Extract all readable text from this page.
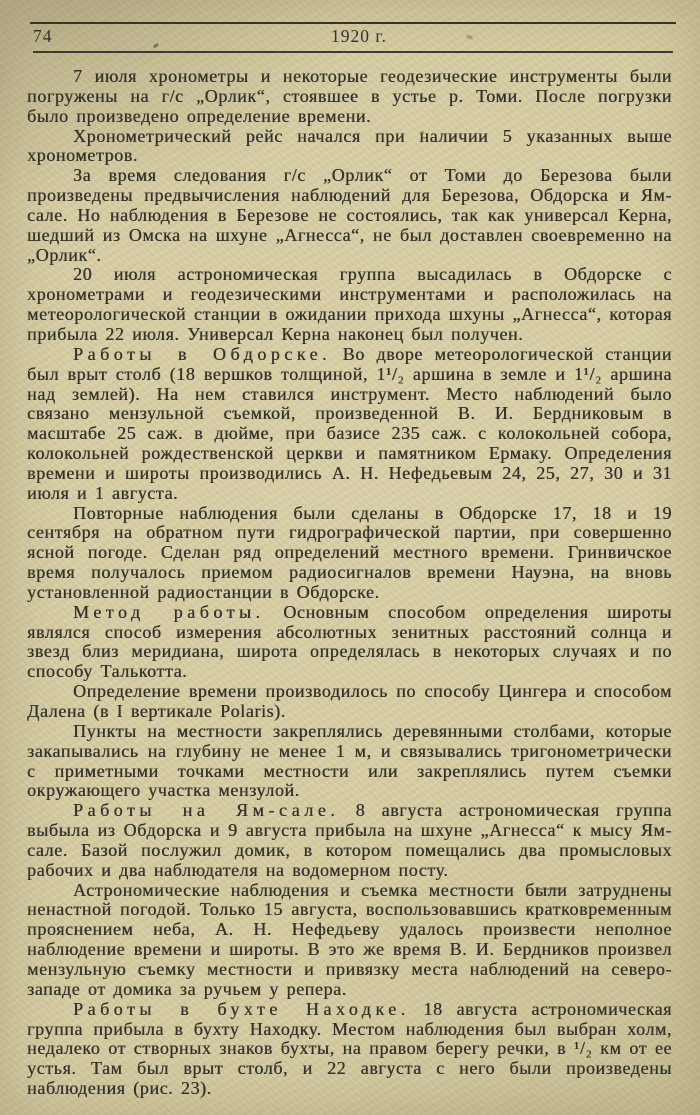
74	1920 г.

7 июля хронометры и некоторые геодезические инструменты были погружены на г/с „Орлик“, стоявшее в устье р. Томи. После погрузки было произведено определение времени.

Хронометрический рейс начался при наличии 5 указанных выше хронометров.

За время следования г/с „Орлик“ от Томи до Березова были произведены предвычисления наблюдений для Березова, Обдорска и Ям-сале. Но наблюдения в Березове не состоялись, так как универсал Керна, шедший из Омска на шхуне „Агнесса“, не был доставлен своевременно на „Орлик“.

20 июля астрономическая группа высадилась в Обдорске с хронометрами и геодезическими инструментами и расположилась на метеорологической станции в ожидании прихода шхуны „Агнесса“, которая прибыла 22 июля. Универсал Керна наконец был получен.

Работы в Обдорске. Во дворе метеорологической станции был врыт столб (18 вершков толщиной, 1¹/₂ аршина в земле и 1¹/₂ аршина над землей). На нем ставился инструмент. Место наблюдений было связано мензульной съемкой, произведенной В. И. Бердниковым в масштабе 25 саж. в дюйме, при базисе 235 саж. с колокольней собора, колокольней рождественской церкви и памятником Ермаку. Определения времени и широты производились А. Н. Нефедьевым 24, 25, 27, 30 и 31 июля и 1 августа.

Повторные наблюдения были сделаны в Обдорске 17, 18 и 19 сентября на обратном пути гидрографической партии, при совершенно ясной погоде. Сделан ряд определений местного времени. Гринвичское время получалось приемом радиосигналов времени Науэна, на вновь установленной радиостанции в Обдорске.

Метод работы. Основным способом определения широты являлся способ измерения абсолютных зенитных расстояний солнца и звезд близ меридиана, широта определялась в некоторых случаях и по способу Талькотта.

Определение времени производилось по способу Цингера и способом Далена (в I вертикале Polaris).

Пункты на местности закреплялись деревянными столбами, которые закапывались на глубину не менее 1 м, и связывались тригонометрически с приметными точками местности или закреплялись путем съемки окружающего участка мензулой.

Работы на Ям-сале. 8 августа астрономическая группа выбыла из Обдорска и 9 августа прибыла на шхуне „Агнесса“ к мысу Ям-сале. Базой послужил домик, в котором помещались два промысловых рабочих и два наблюдателя на водомерном посту.

Астрономические наблюдения и съемка местности были затруднены ненастной погодой. Только 15 августа, воспользовавшись кратковременным прояснением неба, А. Н. Нефедьеву удалось произвести неполное наблюдение времени и широты. В это же время В. И. Бердников произвел мензульную съемку местности и привязку места наблюдений на северо-западе от домика за ручьем у репера.

Работы в бухте Находке. 18 августа астрономическая группа прибыла в бухту Находку. Местом наблюдения был выбран холм, недалеко от створных знаков бухты, на правом берегу речки, в ¹/₂ км от ее устья. Там был врыт столб, и 22 августа с него были произведены наблюдения (рис. 23).
